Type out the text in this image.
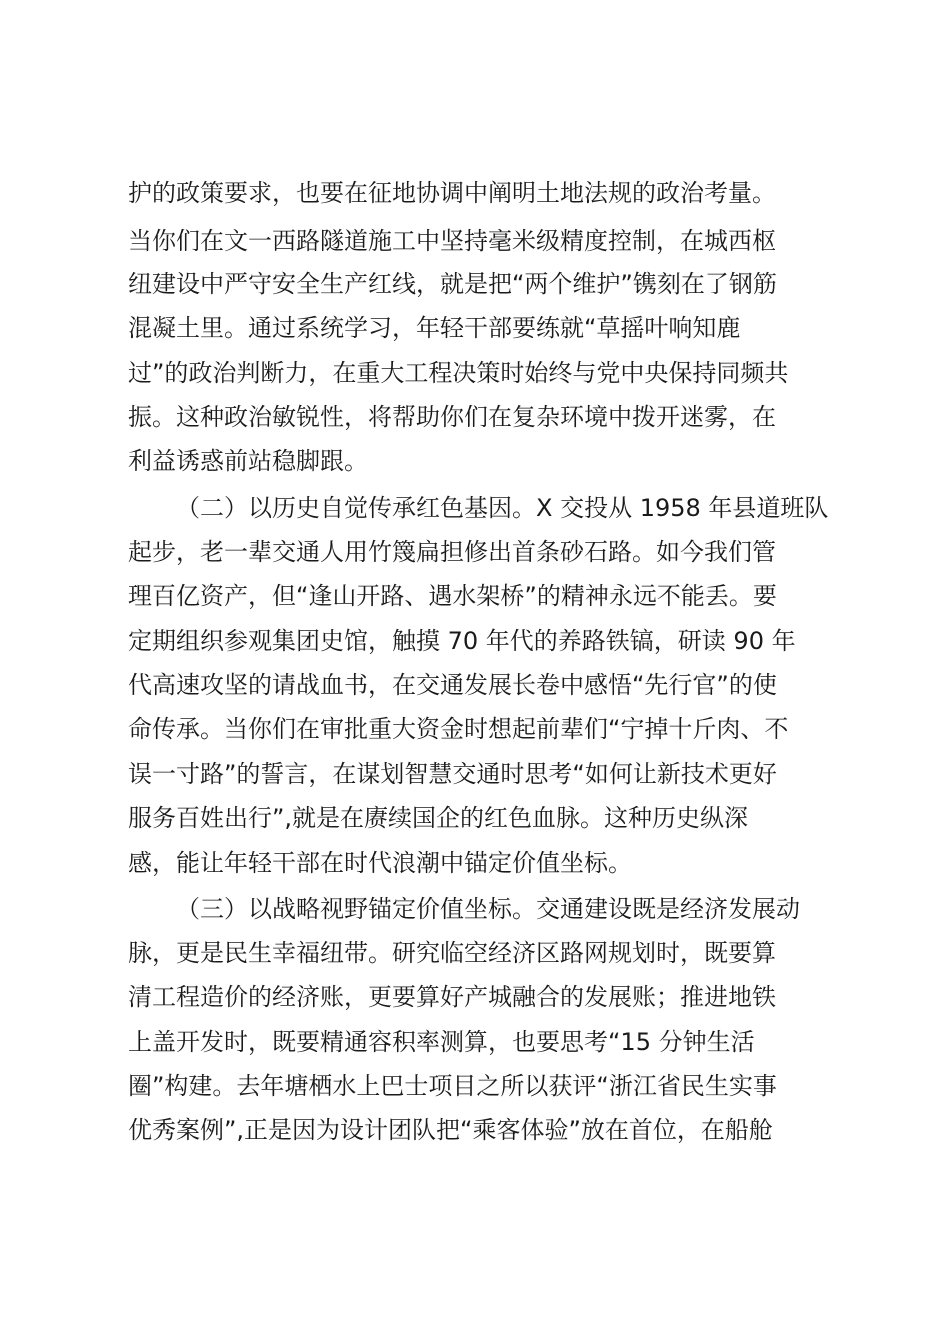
护的政策要求，也要在征地协调中阐明土地法规的政治考量。
当你们在文一西路隧道施工中坚持毫米级精度控制，在城西枢
纽建设中严守安全生产红线，就是把“两个维护”镌刻在了钢筋
混凝土里。通过系统学习，年轻干部要练就“草摇叶响知鹿
过”的政治判断力，在重大工程决策时始终与党中央保持同频共
振。这种政治敏锐性，将帮助你们在复杂环境中拨开迷雾，在
利益诱惑前站稳脚跟。
（二）以历史自觉传承红色基因。X 交投从 1958 年县道班队
起步，老一辈交通人用竹篾扁担修出首条砂石路。如今我们管
理百亿资产，但“逢山开路、遇水架桥”的精神永远不能丢。要
定期组织参观集团史馆，触摸 70 年代的养路铁镐，研读 90 年
代高速攻坚的请战血书，在交通发展长卷中感悟“先行官”的使
命传承。当你们在审批重大资金时想起前辈们“宁掉十斤肉、不
误一寸路”的誓言，在谋划智慧交通时思考“如何让新技术更好
服务百姓出行”,就是在赓续国企的红色血脉。这种历史纵深
感，能让年轻干部在时代浪潮中锚定价值坐标。
（三）以战略视野锚定价值坐标。交通建设既是经济发展动
脉，更是民生幸福纽带。研究临空经济区路网规划时，既要算
清工程造价的经济账，更要算好产城融合的发展账；推进地铁
上盖开发时，既要精通容积率测算，也要思考“15 分钟生活
圈”构建。去年塘栖水上巴士项目之所以获评“浙江省民生实事
优秀案例”,正是因为设计团队把“乘客体验”放在首位，在船舱
